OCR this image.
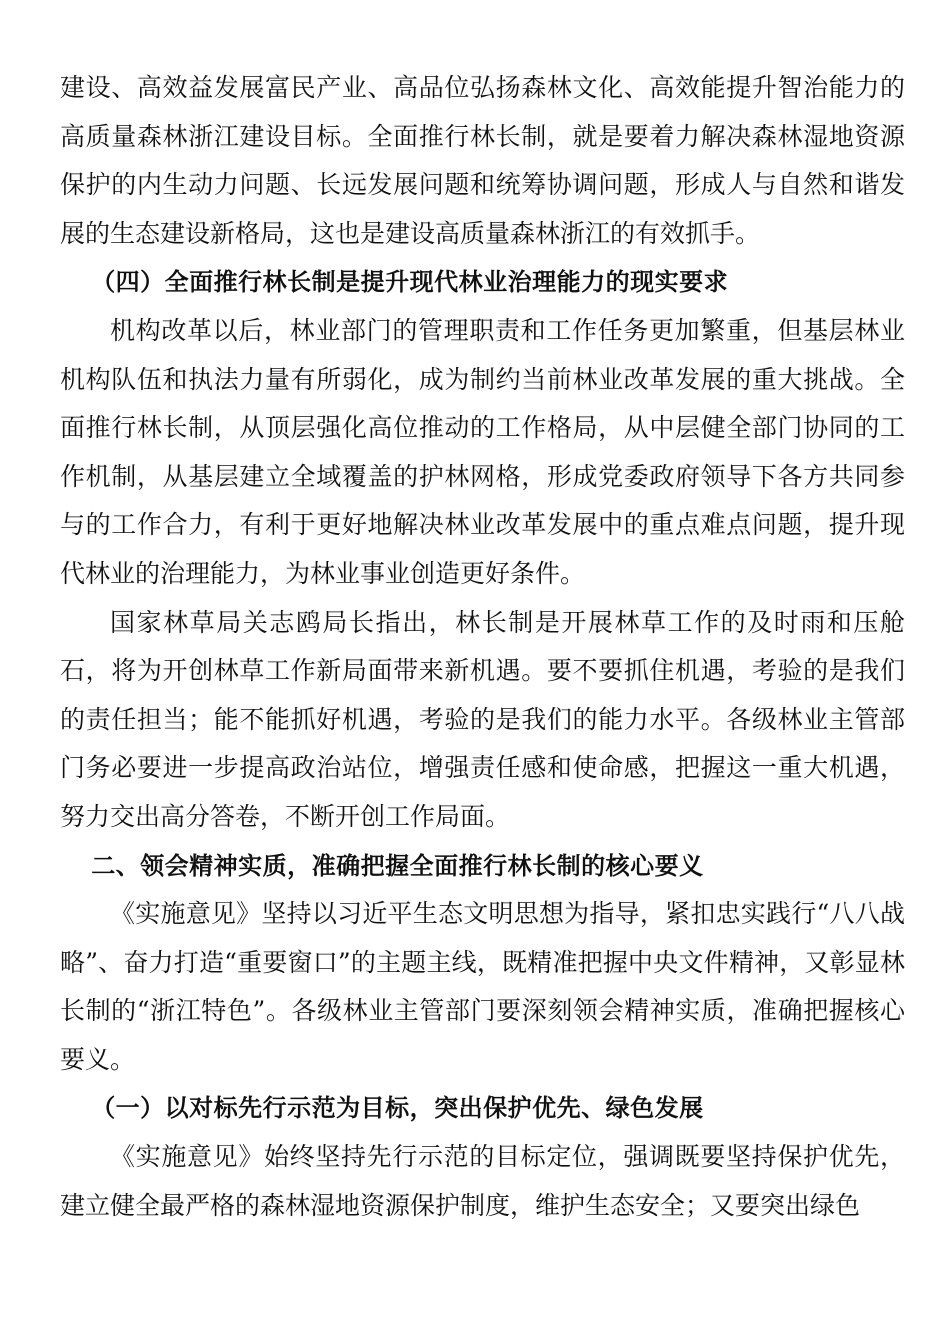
建设、高效益发展富民产业、高品位弘扬森林文化、高效能提升智治能力的高质量森林浙江建设目标。全面推行林长制，就是要着力解决森林湿地资源保护的内生动力问题、长远发展问题和统筹协调问题，形成人与自然和谐发展的生态建设新格局，这也是建设高质量森林浙江的有效抓手。

（四）全面推行林长制是提升现代林业治理能力的现实要求

机构改革以后，林业部门的管理职责和工作任务更加繁重，但基层林业机构队伍和执法力量有所弱化，成为制约当前林业改革发展的重大挑战。全面推行林长制，从顶层强化高位推动的工作格局，从中层健全部门协同的工作机制，从基层建立全域覆盖的护林网格，形成党委政府领导下各方共同参与的工作合力，有利于更好地解决林业改革发展中的重点难点问题，提升现代林业的治理能力，为林业事业创造更好条件。

国家林草局关志鸥局长指出，林长制是开展林草工作的及时雨和压舱石，将为开创林草工作新局面带来新机遇。要不要抓住机遇，考验的是我们的责任担当；能不能抓好机遇，考验的是我们的能力水平。各级林业主管部门务必要进一步提高政治站位，增强责任感和使命感，把握这一重大机遇，努力交出高分答卷，不断开创工作局面。

二、领会精神实质，准确把握全面推行林长制的核心要义

《实施意见》坚持以习近平生态文明思想为指导，紧扣忠实践行“八八战略”、奋力打造“重要窗口”的主题主线，既精准把握中央文件精神，又彰显林长制的“浙江特色”。各级林业主管部门要深刻领会精神实质，准确把握核心要义。

（一）以对标先行示范为目标，突出保护优先、绿色发展

《实施意见》始终坚持先行示范的目标定位，强调既要坚持保护优先，建立健全最严格的森林湿地资源保护制度，维护生态安全；又要突出绿色
